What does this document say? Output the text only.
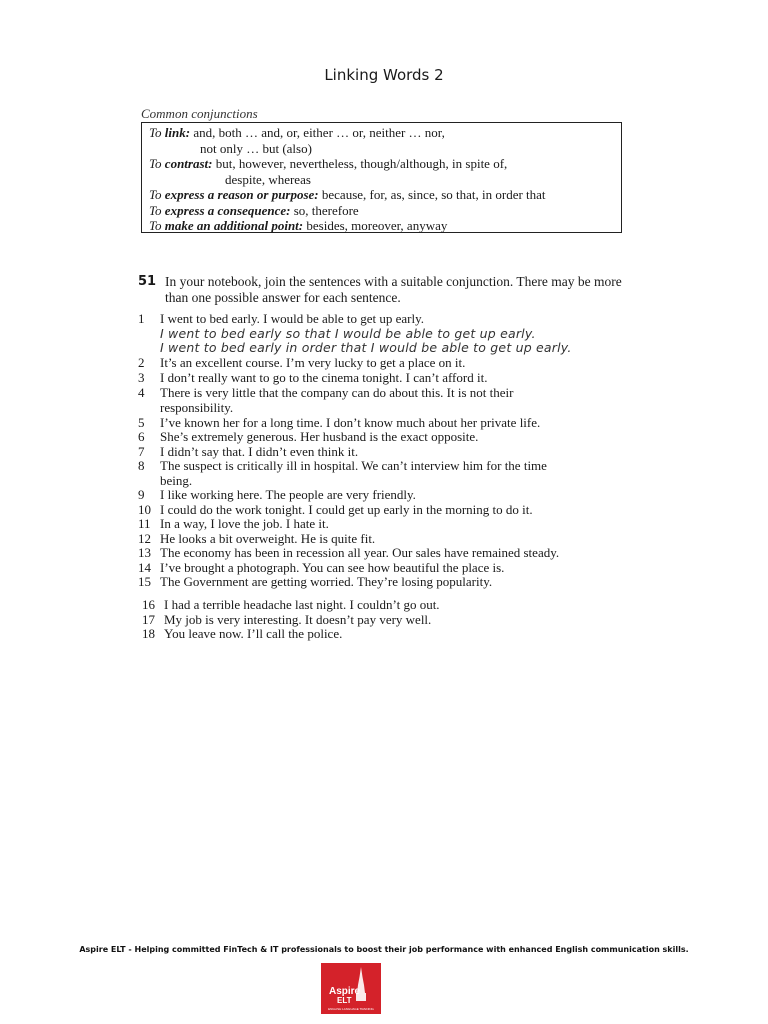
Linking Words 2
Common conjunctions
To link: and, both … and, or, either … or, neither … nor,
not only … but (also)
To contrast: but, however, nevertheless, though/although, in spite of,
despite, whereas
To express a reason or purpose: because, for, as, since, so that, in order that
To express a consequence: so, therefore
To make an additional point: besides, moreover, anyway
51 In your notebook, join the sentences with a suitable conjunction. There may be more than one possible answer for each sentence.
1 I went to bed early. I would be able to get up early.
I went to bed early so that I would be able to get up early.
I went to bed early in order that I would be able to get up early.
2 It’s an excellent course. I’m very lucky to get a place on it.
3 I don’t really want to go to the cinema tonight. I can’t afford it.
4 There is very little that the company can do about this. It is not their
responsibility.
5 I’ve known her for a long time. I don’t know much about her private life.
6 She’s extremely generous. Her husband is the exact opposite.
7 I didn’t say that. I didn’t even think it.
8 The suspect is critically ill in hospital. We can’t interview him for the time
being.
9 I like working here. The people are very friendly.
10 I could do the work tonight. I could get up early in the morning to do it.
11 In a way, I love the job. I hate it.
12 He looks a bit overweight. He is quite fit.
13 The economy has been in recession all year. Our sales have remained steady.
14 I’ve brought a photograph. You can see how beautiful the place is.
15 The Government are getting worried. They’re losing popularity.
16 I had a terrible headache last night. I couldn’t go out.
17 My job is very interesting. It doesn’t pay very well.
18 You leave now. I’ll call the police.
Aspire ELT - Helping committed FinTech & IT professionals to boost their job performance with enhanced English communication skills.
Aspire
ELT
ENGLISH LANGUAGE TRAINING
